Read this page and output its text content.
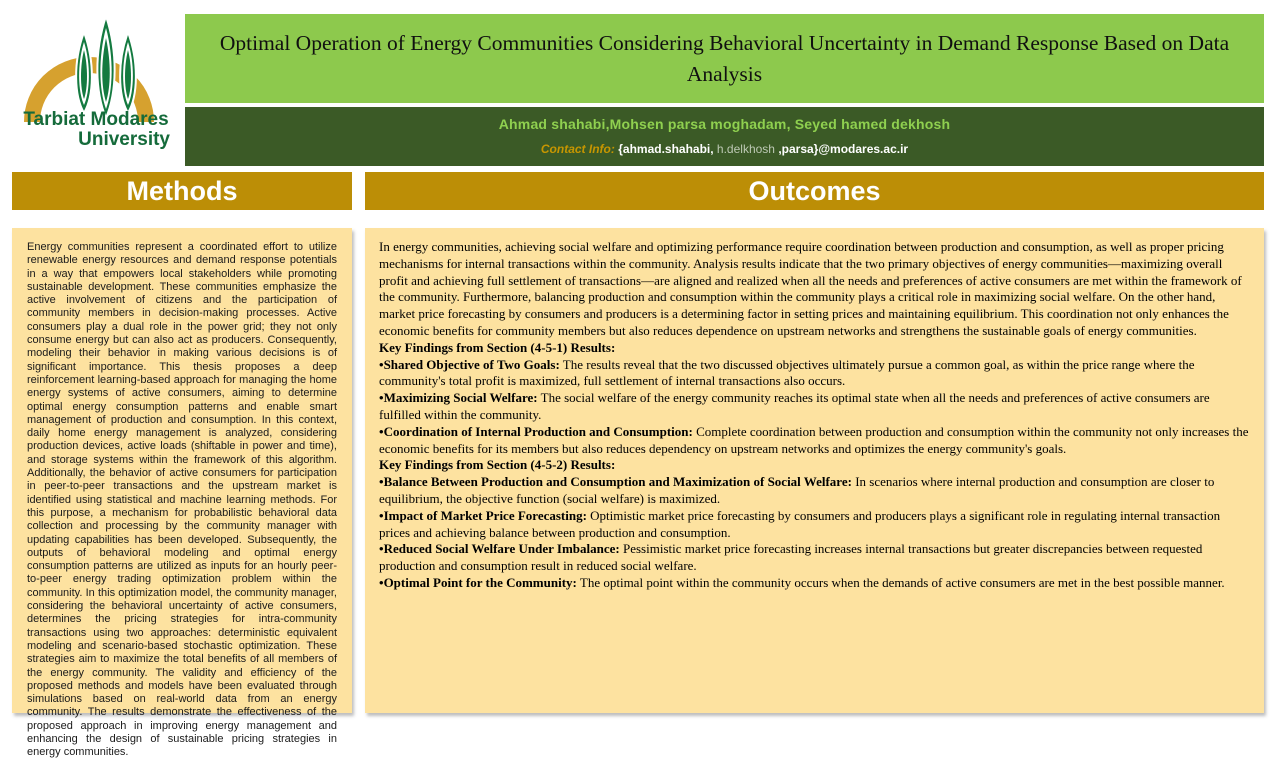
Tarbiat Modares
University
Optimal Operation of Energy Communities Considering Behavioral Uncertainty in Demand Response Based on Data Analysis
Ahmad shahabi,Mohsen parsa moghadam, Seyed hamed dekhosh
Contact Info: {ahmad.shahabi, h.delkhosh ,parsa}@modares.ac.ir
Methods	Outcomes
Energy communities represent a coordinated effort to utilize renewable energy resources and demand response potentials in a way that empowers local stakeholders while promoting sustainable development. These communities emphasize the active involvement of citizens and the participation of community members in decision-making processes. Active consumers play a dual role in the power grid; they not only consume energy but can also act as producers. Consequently, modeling their behavior in making various decisions is of significant importance. This thesis proposes a deep reinforcement learning-based approach for managing the home energy systems of active consumers, aiming to determine optimal energy consumption patterns and enable smart management of production and consumption. In this context, daily home energy management is analyzed, considering production devices, active loads (shiftable in power and time), and storage systems within the framework of this algorithm. Additionally, the behavior of active consumers for participation in peer-to-peer transactions and the upstream market is identified using statistical and machine learning methods. For this purpose, a mechanism for probabilistic behavioral data collection and processing by the community manager with updating capabilities has been developed. Subsequently, the outputs of behavioral modeling and optimal energy consumption patterns are utilized as inputs for an hourly peer-to-peer energy trading optimization problem within the community. In this optimization model, the community manager, considering the behavioral uncertainty of active consumers, determines the pricing strategies for intra-community transactions using two approaches: deterministic equivalent modeling and scenario-based stochastic optimization. These strategies aim to maximize the total benefits of all members of the energy community. The validity and efficiency of the proposed methods and models have been evaluated through simulations based on real-world data from an energy community. The results demonstrate the effectiveness of the proposed approach in improving energy management and enhancing the design of sustainable pricing strategies in energy communities.

In energy communities, achieving social welfare and optimizing performance require coordination between production and consumption, as well as proper pricing mechanisms for internal transactions within the community. Analysis results indicate that the two primary objectives of energy communities—maximizing overall profit and achieving full settlement of transactions—are aligned and realized when all the needs and preferences of active consumers are met within the framework of the community. Furthermore, balancing production and consumption within the community plays a critical role in maximizing social welfare. On the other hand, market price forecasting by consumers and producers is a determining factor in setting prices and maintaining equilibrium. This coordination not only enhances the economic benefits for community members but also reduces dependence on upstream networks and strengthens the sustainable goals of energy communities.

Key Findings from Section (4-5-1) Results:

• Shared Objective of Two Goals: The results reveal that the two discussed objectives ultimately pursue a common goal, as within the price range where the community's total profit is maximized, full settlement of internal transactions also occurs.
• Maximizing Social Welfare: The social welfare of the energy community reaches its optimal state when all the needs and preferences of active consumers are fulfilled within the community.
• Coordination of Internal Production and Consumption: Complete coordination between production and consumption within the community not only increases the economic benefits for its members but also reduces dependency on upstream networks and optimizes the energy community's goals.

Key Findings from Section (4-5-2) Results:

• Balance Between Production and Consumption and Maximization of Social Welfare: In scenarios where internal production and consumption are closer to equilibrium, the objective function (social welfare) is maximized.
• Impact of Market Price Forecasting: Optimistic market price forecasting by consumers and producers plays a significant role in regulating internal transaction prices and achieving balance between production and consumption.
• Reduced Social Welfare Under Imbalance: Pessimistic market price forecasting increases internal transactions but greater discrepancies between requested production and consumption result in reduced social welfare.
• Optimal Point for the Community: The optimal point within the community occurs when the demands of active consumers are met in the best possible manner.
